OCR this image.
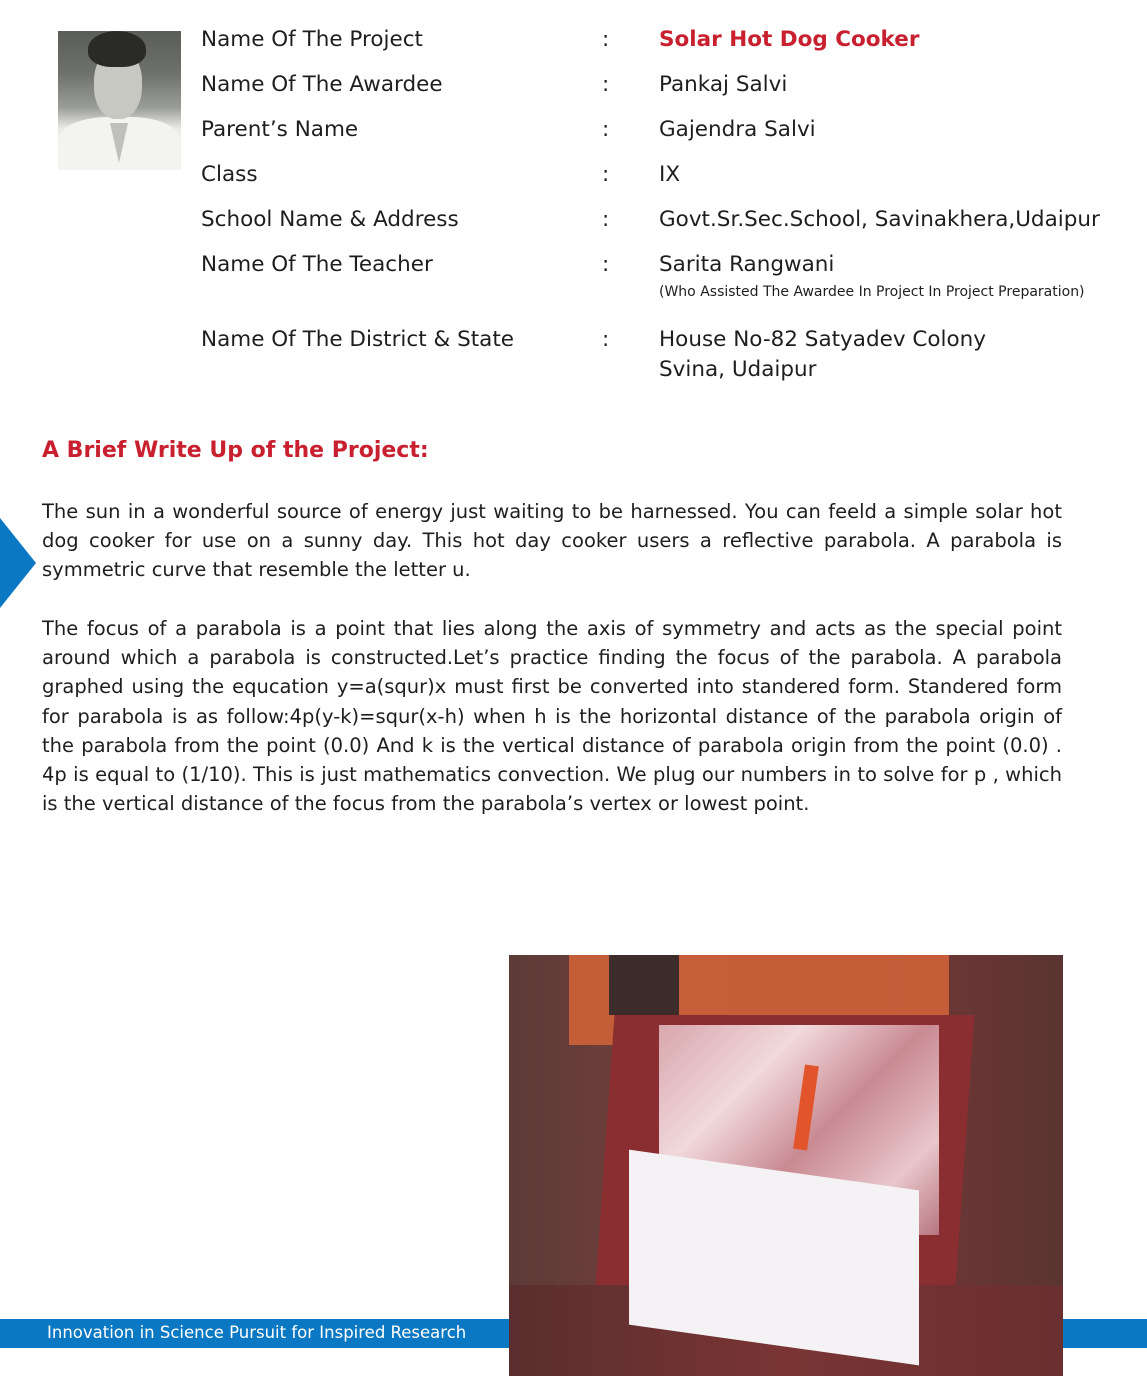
Name Of The Project	: Solar Hot Dog Cooker
Name Of The Awardee	: Pankaj Salvi
Parent’s Name	: Gajendra Salvi
Class	: IX
School Name & Address	: Govt.Sr.Sec.School, Savinakhera,Udaipur
Name Of The Teacher	: Sarita Rangwani
(Who Assisted The Awardee In Project In Project Preparation)
Name Of The District & State	: House No-82 Satyadev Colony
Svina, Udaipur
A Brief Write Up of the Project:

The sun in a wonderful source of energy just waiting to be harnessed. You can feeld a simple solar hot dog cooker for use on a sunny day. This hot day cooker users a reflective parabola. A parabola is symmetric curve that resemble the letter u.

The focus of a parabola is a point that lies along the axis of symmetry and acts as the special point around which a parabola is constructed.Let’s practice finding the focus of the parabola. A parabola graphed using the equcation y=a(squr)x must first be converted into standered form. Standered form for parabola is as follow:4p(y-k)=squr(x-h) when h is the horizontal distance of the parabola origin of the parabola from the point (0.0) And k is the vertical distance of parabola origin from the point (0.0) . 4p is equal to (1/10). This is just mathematics convection. We plug our numbers in to solve for p , which is the vertical distance of the focus from the parabola’s vertex or lowest point.

Innovation in Science Pursuit for Inspired Research
